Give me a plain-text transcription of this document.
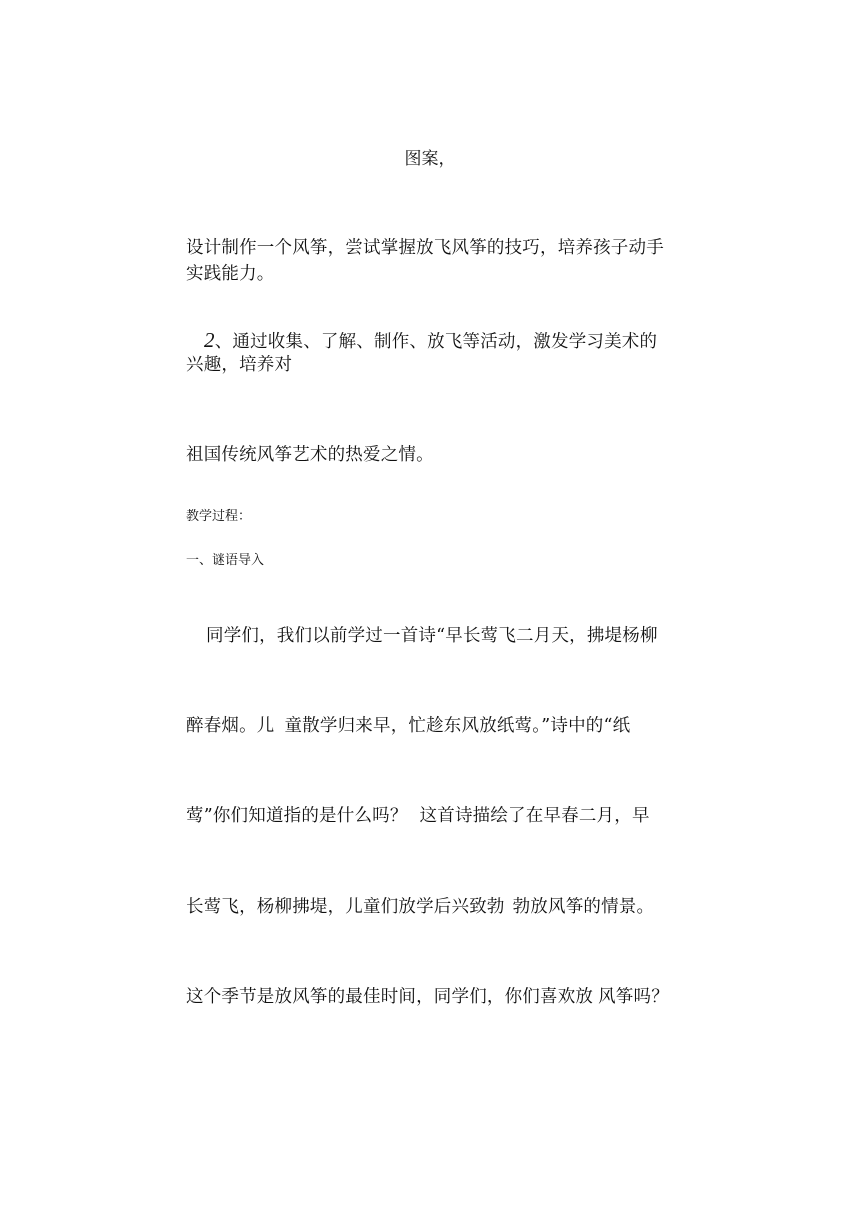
图案，
设计制作一个风筝，尝试掌握放飞风筝的技巧，培养孩子动手
实践能力。
2、通过收集、了解、制作、放飞等活动，激发学习美术的
兴趣，培养对
祖国传统风筝艺术的热爱之情。
教学过程：
一、谜语导入
同学们，我们以前学过一首诗“早长莺飞二月天，拂堤杨柳
醉春烟。儿 童散学归来早，忙趁东风放纸莺。”诗中的“纸
莺”你们知道指的是什么吗？ 这首诗描绘了在早春二月，早
长莺飞，杨柳拂堤，儿童们放学后兴致勃 勃放风筝的情景。
这个季节是放风筝的最佳时间，同学们，你们喜欢放 风筝吗？
